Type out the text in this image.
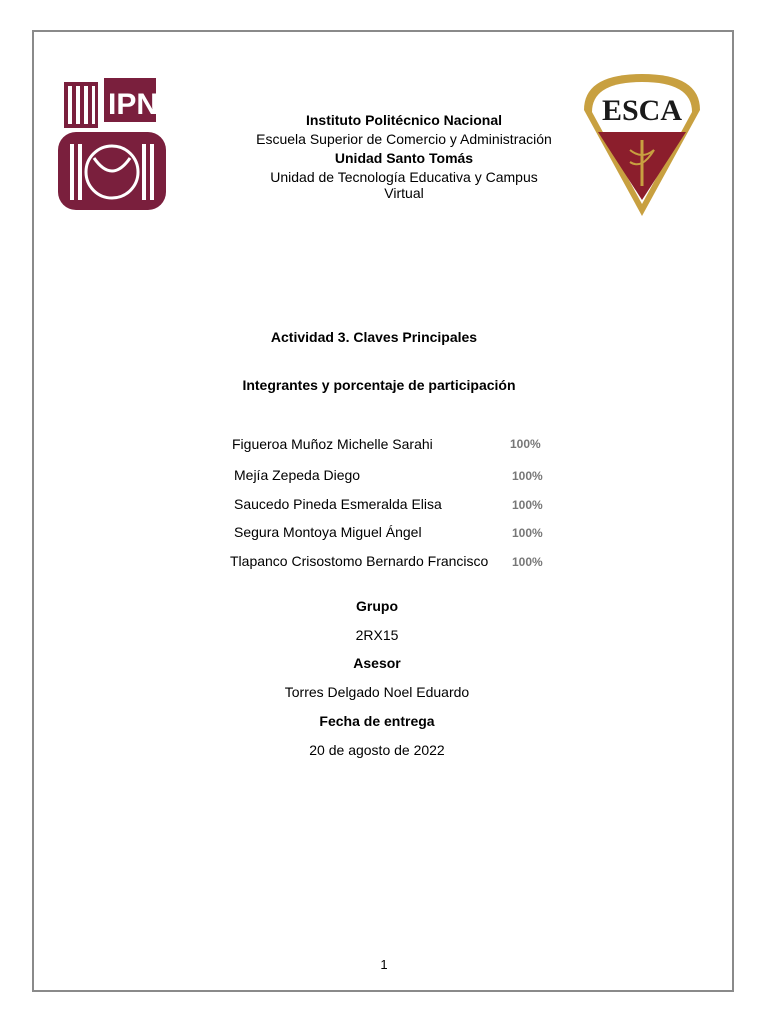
IPN	ESCA
Instituto Politécnico Nacional
Escuela Superior de Comercio y Administración
Unidad Santo Tomás
Unidad de Tecnología Educativa y Campus Virtual
Actividad 3. Claves Principales
Integrantes y porcentaje de participación
Figueroa Muñoz Michelle Sarahi	100%
Mejía Zepeda Diego	100%
Saucedo Pineda Esmeralda Elisa	100%
Segura Montoya Miguel Ángel	100%
Tlapanco Crisostomo Bernardo Francisco 100%
Grupo
2RX15
Asesor
Torres Delgado Noel Eduardo
Fecha de entrega
20 de agosto de 2022
1
